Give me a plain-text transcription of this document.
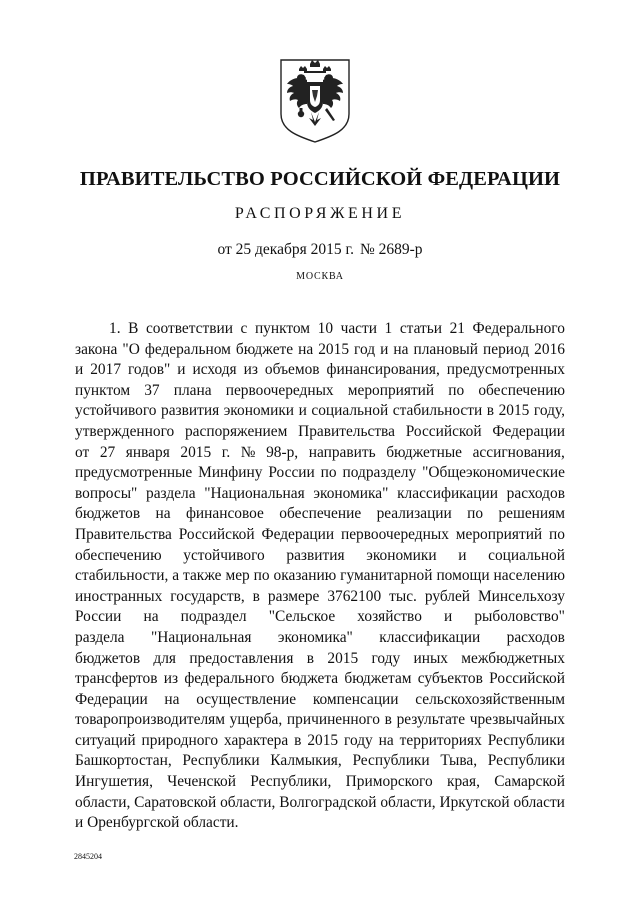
ПРАВИТЕЛЬСТВО РОССИЙСКОЙ ФЕДЕРАЦИИ
РАСПОРЯЖЕНИЕ
от 25 декабря 2015 г. № 2689-р
МОСКВА
1. В соответствии с пунктом 10 части 1 статьи 21 Федерального
закона "О федеральном бюджете на 2015 год и на плановый период 2016
и 2017 годов" и исходя из объемов финансирования, предусмотренных
пунктом 37 плана первоочередных мероприятий по обеспечению
устойчивого развития экономики и социальной стабильности в 2015 году,
утвержденного распоряжением Правительства Российской Федерации
от 27 января 2015 г. № 98-р, направить бюджетные ассигнования,
предусмотренные Минфину России по подразделу "Общеэкономические
вопросы" раздела "Национальная экономика" классификации расходов
бюджетов на финансовое обеспечение реализации по решениям
Правительства Российской Федерации первоочередных мероприятий по
обеспечению устойчивого развития экономики и социальной
стабильности, а также мер по оказанию гуманитарной помощи населению
иностранных государств, в размере 3762100 тыс. рублей Минсельхозу
России на подраздел "Сельское хозяйство и рыболовство"
раздела "Национальная экономика" классификации расходов
бюджетов для предоставления в 2015 году иных межбюджетных
трансфертов из федерального бюджета бюджетам субъектов Российской
Федерации на осуществление компенсации сельскохозяйственным
товаропроизводителям ущерба, причиненного в результате чрезвычайных
ситуаций природного характера в 2015 году на территориях Республики
Башкортостан, Республики Калмыкия, Республики Тыва, Республики
Ингушетия, Чеченской Республики, Приморского края, Самарской
области, Саратовской области, Волгоградской области, Иркутской области
и Оренбургской области.
2845204
